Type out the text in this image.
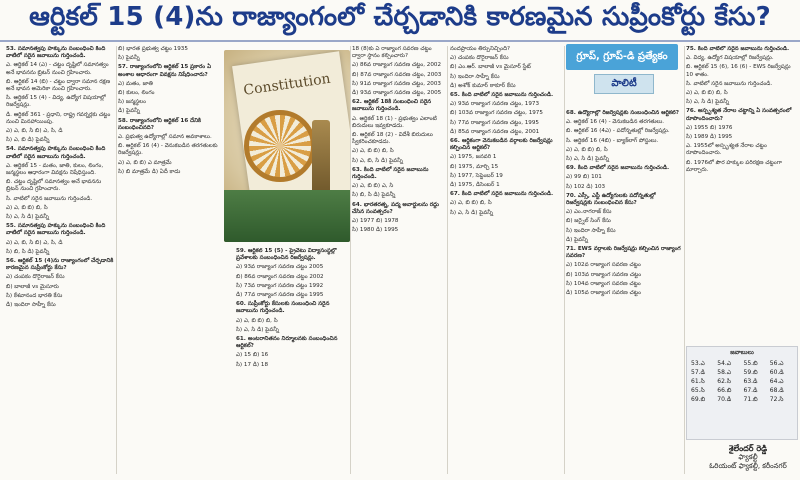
ఆర్టికల్ 15 (4)ను రాజ్యాంగంలో చేర్చడానికి కారణమైన సుప్రీంకోర్టు కేసు?

53. సమానత్వపు హక్కును సంబంధించి కింది వాటిలో సరైన జవాబును గుర్తించండి.

ఎ. ఆర్టికల్ 14 (ఎ) - చట్టం దృష్టిలో సమానత్వం అనే భావనను బ్రిటన్ నుంచి గ్రహించారు.

బి. ఆర్టికల్ 14 (బి) - చట్టం ద్వారా సమాన రక్షణ అనే భావన అమెరికా నుంచి గ్రహించారు.

సి. ఆర్టికల్ 15 (4) - విద్య, ఉద్యోగ విషయాల్లో రిజర్వేషన్లు.

డి. ఆర్టికల్ 361 - ప్రధాని, రాష్ట్ర గవర్నర్లకు చట్టం నుంచి మినహాయింపు.

ఎ) ఎ, బి, సి బి) ఎ, సి, డి

సి) ఎ, బి డి) పైవన్నీ

54. సమానత్వపు హక్కును సంబంధించి కింది వాటిలో సరైన జవాబును గుర్తించండి.

ఎ. ఆర్టికల్ 15 - మతం, జాతి, కులం, లింగం, జన్మస్థలం ఆధారంగా వివక్షను నిషేధిస్తుంది.

బి. చట్టం దృష్టిలో సమానత్వం అనే భావనను బ్రిటన్ నుంచి గ్రహించారు.

సి. వాటిలో సరైన జవాబును గుర్తించండి.

ఎ) ఎ, బి బి) బి, సి

సి) ఎ, సి డి) పైవన్నీ

55. సమానత్వపు హక్కును సంబంధించి కింది వాటిలో సరైన జవాబును గుర్తించండి.

ఎ) ఎ, బి, సి బి) ఎ, సి, డి

సి) బి, సి డి) పైవన్నీ

56. ఆర్టికల్ 15 (4)ను రాజ్యాంగంలో చేర్చడానికి కారణమైన సుప్రీంకోర్టు కేసు?

ఎ) చంపకం దొరైరాజన్ కేసు

బి) బాలాజీ vs మైసూరు

సి) కేశవానంద భారతి కేసు

డి) ఇందిరా సాహ్నీ కేసు

బి) భారత ప్రభుత్వ చట్టం 1935

సి) పైవన్నీ

57. రాజ్యాంగంలోని ఆర్టికల్ 15 ప్రకారం ఏ అంశాల ఆధారంగా వివక్షను నిషేధించారు?

ఎ) మతం, జాతి

బి) కులం, లింగం

సి) జన్మస్థలం

డి) పైవన్నీ

58. రాజ్యాంగంలోని ఆర్టికల్ 16 దేనికి సంబంధించినది?

ఎ. ప్రభుత్వ ఉద్యోగాల్లో సమాన అవకాశాలు.

బి. ఆర్టికల్ 16 (4) - వెనుకబడిన తరగతులకు రిజర్వేషన్లు.

ఎ) ఎ, బి బి) ఎ మాత్రమే

సి) బి మాత్రమే డి) ఏదీ కాదు

Constitution

59. ఆర్టికల్ 15 (5) - ప్రైవేటు విద్యాసంస్థల్లో ప్రవేశాలకు సంబంధించిన రిజర్వేషన్లు.

ఎ) 93వ రాజ్యాంగ సవరణ చట్టం 2005

బి) 86వ రాజ్యాంగ సవరణ చట్టం 2002

సి) 73వ రాజ్యాంగ సవరణ చట్టం 1992

డి) 77వ రాజ్యాంగ సవరణ చట్టం 1995

60. సుప్రీంకోర్టు కేసులకు సంబంధించి సరైన జవాబును గుర్తించండి.

ఎ) ఎ, బి బి) బి, సి

సి) ఎ, సి డి) పైవన్నీ

61. అంటరానితనం నిర్మూలనకు సంబంధించిన ఆర్టికల్?

ఎ) 15 బి) 16

సి) 17 డి) 18

18 (8)కు ఏ రాజ్యాంగ సవరణ చట్టం ద్వారా స్థానం కల్పించారు?

ఎ) 86వ రాజ్యాంగ సవరణ చట్టం, 2002

బి) 87వ రాజ్యాంగ సవరణ చట్టం, 2003

సి) 91వ రాజ్యాంగ సవరణ చట్టం, 2003

డి) 93వ రాజ్యాంగ సవరణ చట్టం, 2005

62. ఆర్టికల్ 18కి సంబంధించి సరైన జవాబును గుర్తించండి.

ఎ. ఆర్టికల్ 18 (1) - ప్రభుత్వం ఎలాంటి బిరుదులు ఇవ్వకూడదు.

బి. ఆర్టికల్ 18 (2) - విదేశీ బిరుదులు స్వీకరించకూడదు.

ఎ) ఎ, బి బి) బి, సి

సి) ఎ, బి, సి డి) పైవన్నీ

63. కింది వాటిలో సరైన జవాబును గుర్తించండి.

ఎ) ఎ, బి బి) ఎ, సి

సి) బి, సి డి) పైవన్నీ

64. భారతరత్న, పద్మ అవార్డులను రద్దు చేసిన సంవత్సరం?

ఎ) 1977 బి) 1978

సి) 1980 డి) 1995

నందప్రాయం తీర్పునిచ్చింది?

ఎ) చంపకం దొరైరాజన్ కేసు

బి) ఎం.ఆర్. బాలాజీ vs మైసూర్ స్టేట్

సి) ఇందిరా సాహ్నీ కేసు

డి) అశోక్ కుమార్ ఠాకూర్ కేసు

65. కింది వాటిలో సరైన జవాబును గుర్తించండి.

ఎ) 93వ రాజ్యాంగ సవరణ చట్టం, 1973

బి) 103వ రాజ్యాంగ సవరణ చట్టం, 1975

సి) 77వ రాజ్యాంగ సవరణ చట్టం, 1995

డి) 85వ రాజ్యాంగ సవరణ చట్టం, 2001

66. ఆర్థికంగా వెనుకబడిన వర్గాలకు రిజర్వేషన్లు కల్పించిన ఆర్టికల్?

ఎ) 1975, జనవరి 1

బి) 1975, మార్చి 15

సి) 1977, సెప్టెంబర్ 19

డి) 1975, డిసెంబర్ 1

67. కింది వాటిలో సరైన జవాబును గుర్తించండి.

ఎ) ఎ, బి బి) బి, సి

సి) ఎ, సి డి) పైవన్నీ

గ్రూప్, గ్రూప్-డి ప్రత్యేకం
పాలిటీ

68. ఉద్యోగాల్లో రిజర్వేషన్లకు సంబంధించిన ఆర్టికల్?

ఎ. ఆర్టికల్ 16 (4) - వెనుకబడిన తరగతులు.

బి. ఆర్టికల్ 16 (4ఎ) - పదోన్నతుల్లో రిజర్వేషన్లు.

సి. ఆర్టికల్ 16 (4బి) - బ్యాక్‌లాగ్ పోస్టులు.

ఎ) ఎ, బి బి) బి, సి

సి) ఎ, సి డి) పైవన్నీ

69. కింది వాటిలో సరైన జవాబును గుర్తించండి.

ఎ) 99 బి) 101

సి) 102 డి) 103

70. ఎస్సీ, ఎస్టీ ఉద్యోగులకు పదోన్నతుల్లో రిజర్వేషన్లకు సంబంధించిన కేసు?

ఎ) ఎం.నాగరాజ్ కేసు

బి) జర్నైల్ సింగ్ కేసు

సి) ఇందిరా సాహ్నీ కేసు

డి) పైవన్నీ

71. EWS వర్గాలకు రిజర్వేషన్లు కల్పించిన రాజ్యాంగ సవరణ?

ఎ) 102వ రాజ్యాంగ సవరణ చట్టం

బి) 103వ రాజ్యాంగ సవరణ చట్టం

సి) 104వ రాజ్యాంగ సవరణ చట్టం

డి) 105వ రాజ్యాంగ సవరణ చట్టం

75. కింది వాటిలో సరైన జవాబును గుర్తించండి.

ఎ. విద్య, ఉద్యోగ విషయాల్లో రిజర్వేషన్లు.

బి. ఆర్టికల్ 15 (6), 16 (6) - EWS రిజర్వేషన్లు 10 శాతం.

సి. వాటిలో సరైన జవాబును గుర్తించండి.

ఎ) ఎ, బి బి) బి, సి

సి) ఎ, సి డి) పైవన్నీ

76. అస్పృశ్యత నేరాల చట్టాన్ని ఏ సంవత్సరంలో రూపొందించారు?

ఎ) 1955 బి) 1976

సి) 1989 డి) 1995

ఎ. 1955లో అస్పృశ్యత నేరాల చట్టం రూపొందించారు.

బి. 1976లో పౌర హక్కుల పరిరక్షణ చట్టంగా మార్చారు.

జవాబులు
53.ఎ	54.ఎ	55.బి	56.ఎ
57.డి	58.ఎ	59.బి	60.డి
61.సి	62.సి	63.డి	64.ఎ
65.సి	66.బి	67.డి	68.డి
69.బి	70.డి	71.బి	72.సి
శైలేందర్ రెడ్డి
ఫ్యాకల్టీ
ఓరియంట్ ఫ్యాకల్టీ, కరీంనగర్
